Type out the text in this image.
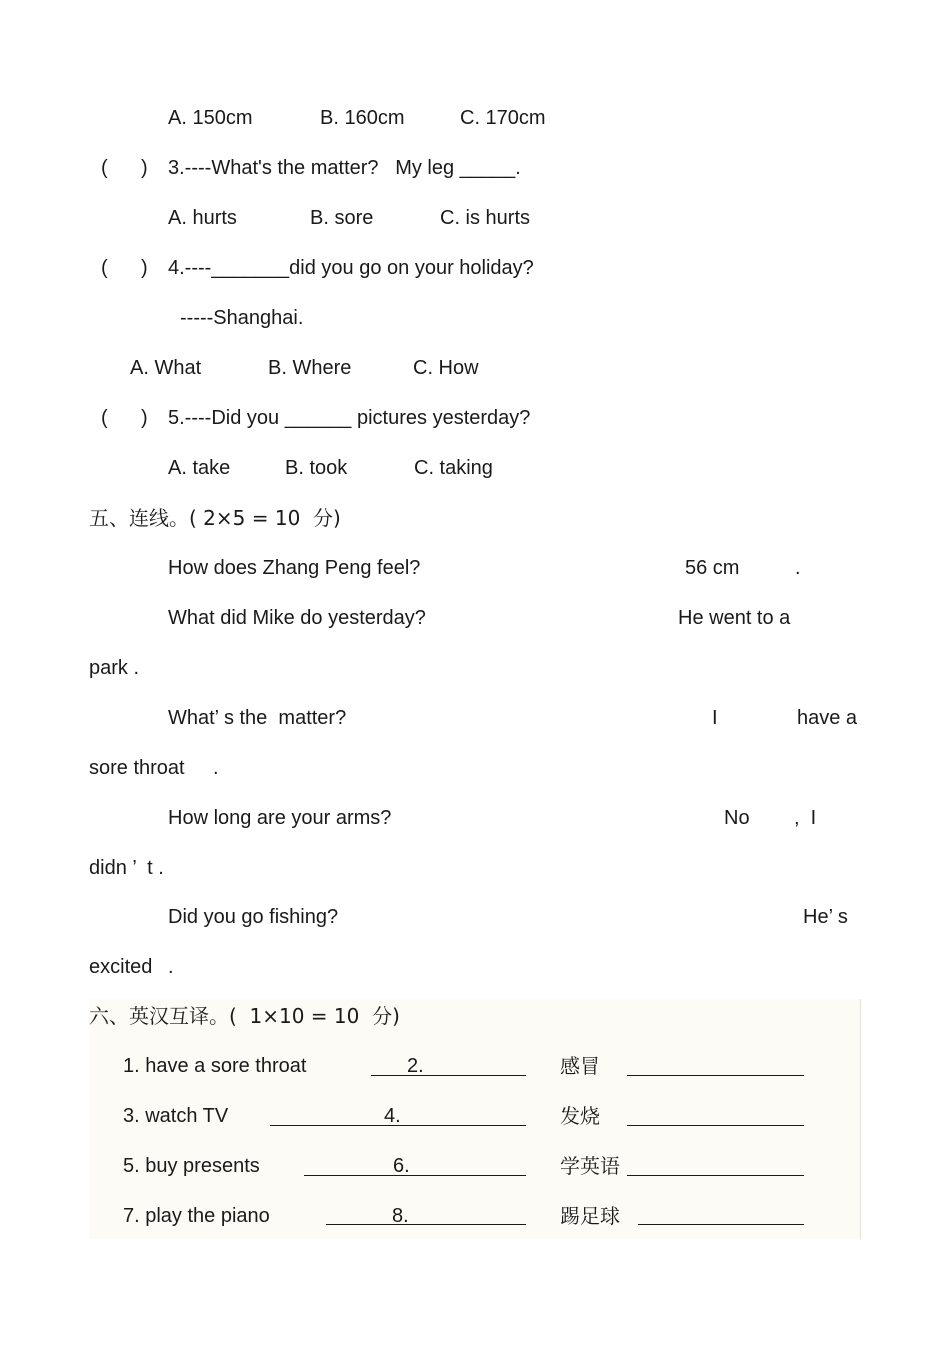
A. 150cm	B. 160cm	C. 170cm
(      ) 3.----What's the matter?   My leg _____.
A. hurts	B. sore	C. is hurts
(      ) 4.----_______did you go on your holiday?
-----Shanghai.
A. What	B. Where	C. How
(      ) 5.----Did you ______ pictures yesterday?
A. take	B. took	C. taking
五、连线。( 2×5 = 10  分)
How does Zhang Peng feel?	56 cm	.
What did Mike do yesterday?	He went to a
park .
What’ s the  matter?	I	have a
sore throat .
How long are your arms?	No ,  I
didn ’  t .
Did you go fishing?	He’ s
excited .
六、英汉互译。(  1×10 = 10  分)
1. have a sore throat	2.	感冒
3. watch TV	4.	发烧
5. buy presents	6.	学英语
7. play the piano	8.	踢足球
